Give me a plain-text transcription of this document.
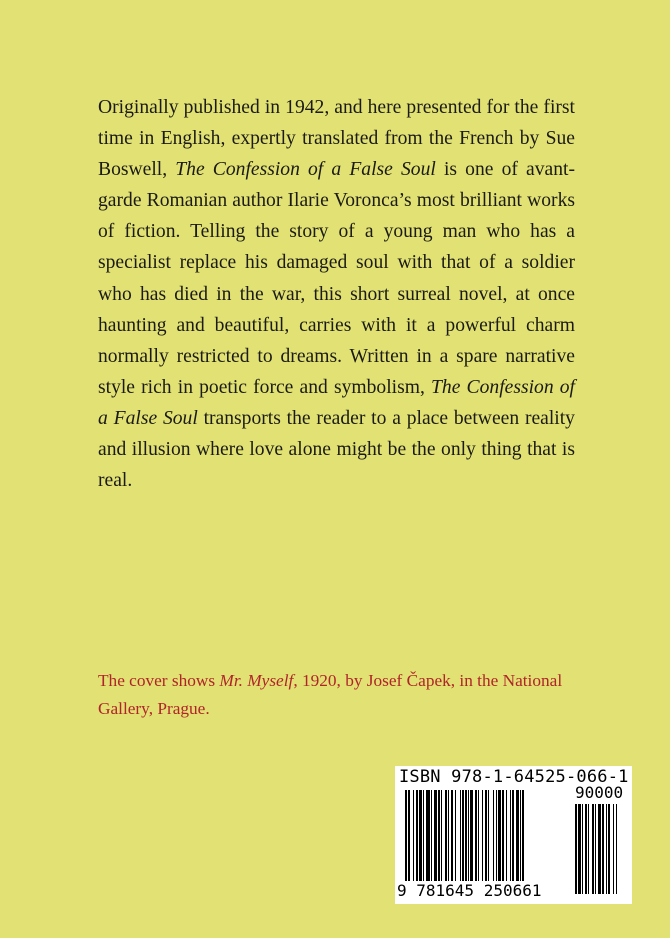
Originally published in 1942, and here presented for the first time in English, expertly translated from the French by Sue Boswell, The Confession of a False Soul is one of avant-garde Romanian author Ilarie Voronca’s most brilliant works of fiction. Telling the story of a young man who has a specialist replace his damaged soul with that of a soldier who has died in the war, this short surreal novel, at once haunting and beautiful, carries with it a powerful charm normally restricted to dreams. Written in a spare narrative style rich in poetic force and symbolism, The Confession of a False Soul transports the reader to a place between reality and illusion where love alone might be the only thing that is real.

The cover shows Mr. Myself, 1920, by Josef Čapek, in the National Gallery, Prague.

ISBN 978-1-64525-066-1
90000
9 781645 250661
